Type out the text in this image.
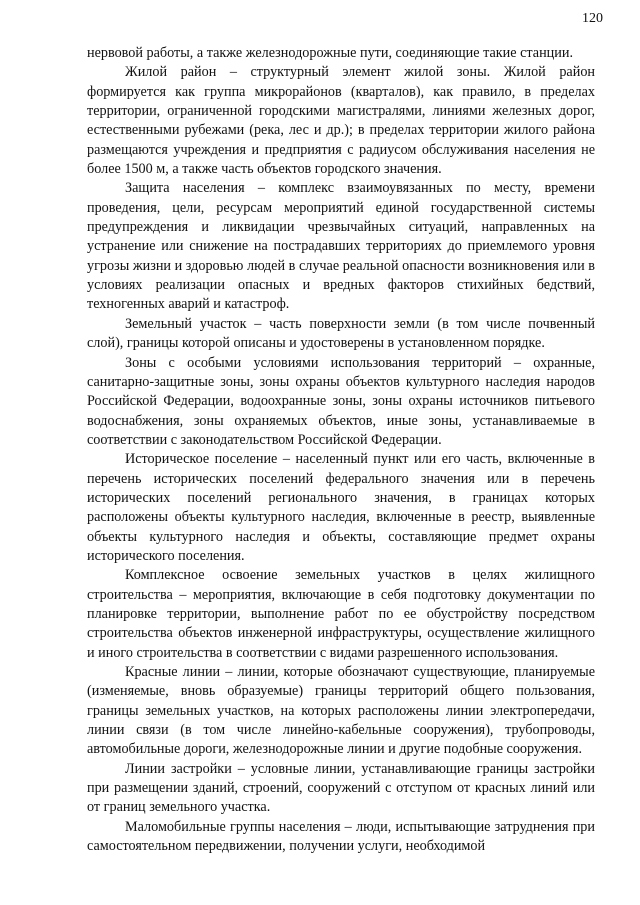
120

нервовой работы, а также железнодорожные пути, соединяющие такие станции.

Жилой район – структурный элемент жилой зоны. Жилой район формируется как группа микрорайонов (кварталов), как правило, в пределах территории, ограниченной городскими магистралями, линиями железных дорог, естественными рубежами (река, лес и др.); в пределах территории жилого района размещаются учреждения и предприятия с радиусом обслуживания населения не более 1500 м, а также часть объектов городского значения.

Защита населения – комплекс взаимоувязанных по месту, времени проведения, цели, ресурсам мероприятий единой государственной системы предупреждения и ликвидации чрезвычайных ситуаций, направленных на устранение или снижение на пострадавших территориях до приемлемого уровня угрозы жизни и здоровью людей в случае реальной опасности возникновения или в условиях реализации опасных и вредных факторов стихийных бедствий, техногенных аварий и катастроф.

Земельный участок – часть поверхности земли (в том числе почвенный слой), границы которой описаны и удостоверены в установленном порядке.

Зоны с особыми условиями использования территорий – охранные, санитарно-защитные зоны, зоны охраны объектов культурного наследия народов Российской Федерации, водоохранные зоны, зоны охраны источников питьевого водоснабжения, зоны охраняемых объектов, иные зоны, устанавливаемые в соответствии с законодательством Российской Федерации.

Историческое поселение – населенный пункт или его часть, включенные в перечень исторических поселений федерального значения или в перечень исторических поселений регионального значения, в границах которых расположены объекты культурного наследия, включенные в реестр, выявленные объекты культурного наследия и объекты, составляющие предмет охраны исторического поселения.

Комплексное освоение земельных участков в целях жилищного строительства – мероприятия, включающие в себя подготовку документации по планировке территории, выполнение работ по ее обустройству посредством строительства объектов инженерной инфраструктуры, осуществление жилищного и иного строительства в соответствии с видами разрешенного использования.

Красные линии – линии, которые обозначают существующие, планируемые (изменяемые, вновь образуемые) границы территорий общего пользования, границы земельных участков, на которых расположены линии электропередачи, линии связи (в том числе линейно-кабельные сооружения), трубопроводы, автомобильные дороги, железнодорожные линии и другие подобные сооружения.

Линии застройки – условные линии, устанавливающие границы застройки при размещении зданий, строений, сооружений с отступом от красных линий или от границ земельного участка.

Маломобильные группы населения – люди, испытывающие затруднения при самостоятельном передвижении, получении услуги, необходимой
